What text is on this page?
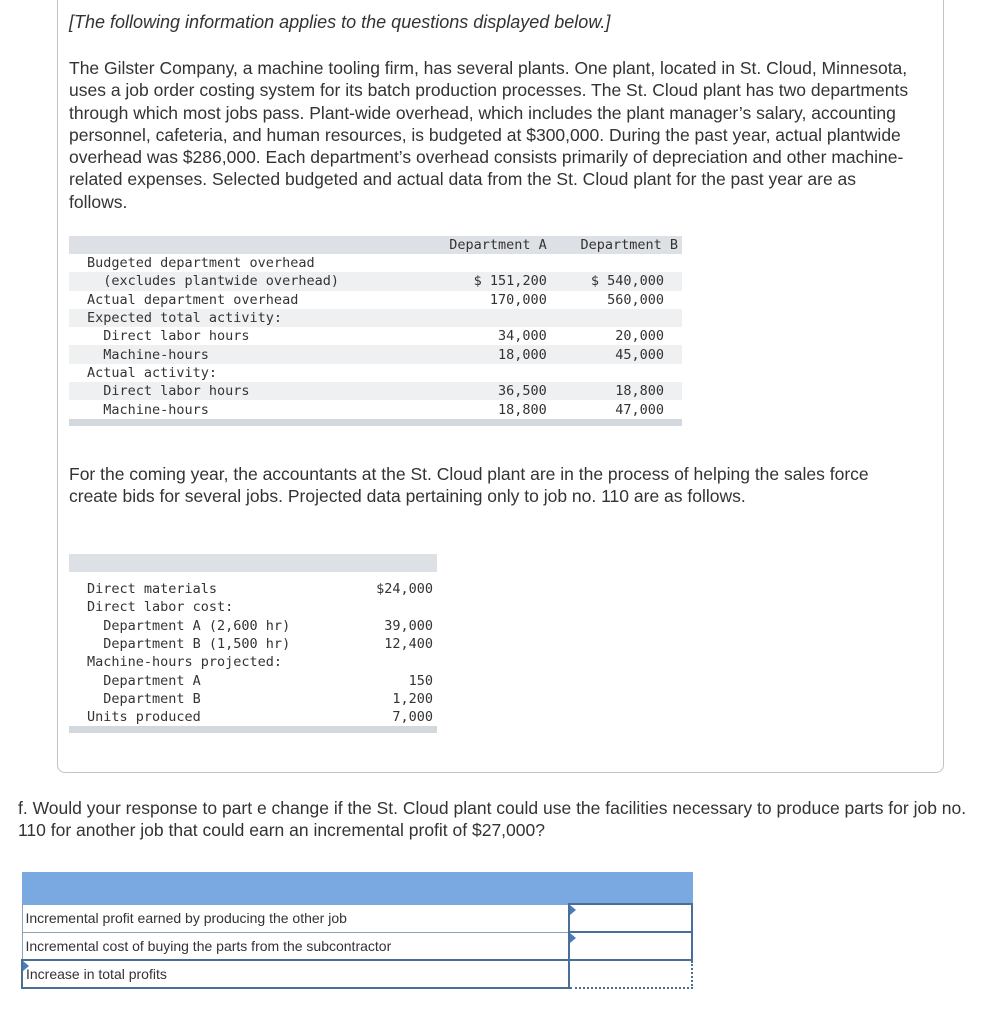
[The following information applies to the questions displayed below.]
The Gilster Company, a machine tooling firm, has several plants. One plant, located in St. Cloud, Minnesota, uses a job order costing system for its batch production processes. The St. Cloud plant has two departments through which most jobs pass. Plant-wide overhead, which includes the plant manager’s salary, accounting personnel, cafeteria, and human resources, is budgeted at $300,000. During the past year, actual plantwide overhead was $286,000. Each department’s overhead consists primarily of depreciation and other machine-related expenses. Selected budgeted and actual data from the St. Cloud plant for the past year are as follows.
	Department A	Department B
Budgeted department overhead		
(excludes plantwide overhead)	$ 151,200	$ 540,000
Actual department overhead	170,000	560,000
Expected total activity:		
Direct labor hours	34,000	20,000
Machine-hours	18,000	45,000
Actual activity:		
Direct labor hours	36,500	18,800
Machine-hours	18,800	47,000

For the coming year, the accountants at the St. Cloud plant are in the process of helping the sales force create bids for several jobs. Projected data pertaining only to job no. 110 are as follows.

Direct materials	$24,000
Direct labor cost:	
Department A (2,600 hr)	39,000
Department B (1,500 hr)	12,400
Machine-hours projected:	
Department A	150
Department B	1,200
Units produced	7,000

f. Would your response to part e change if the St. Cloud plant could use the facilities necessary to produce parts for job no. 110 for another job that could earn an incremental profit of $27,000?

Incremental profit earned by producing the other job	

Incremental cost of buying the parts from the subcontractor	

Increase in total profits	
